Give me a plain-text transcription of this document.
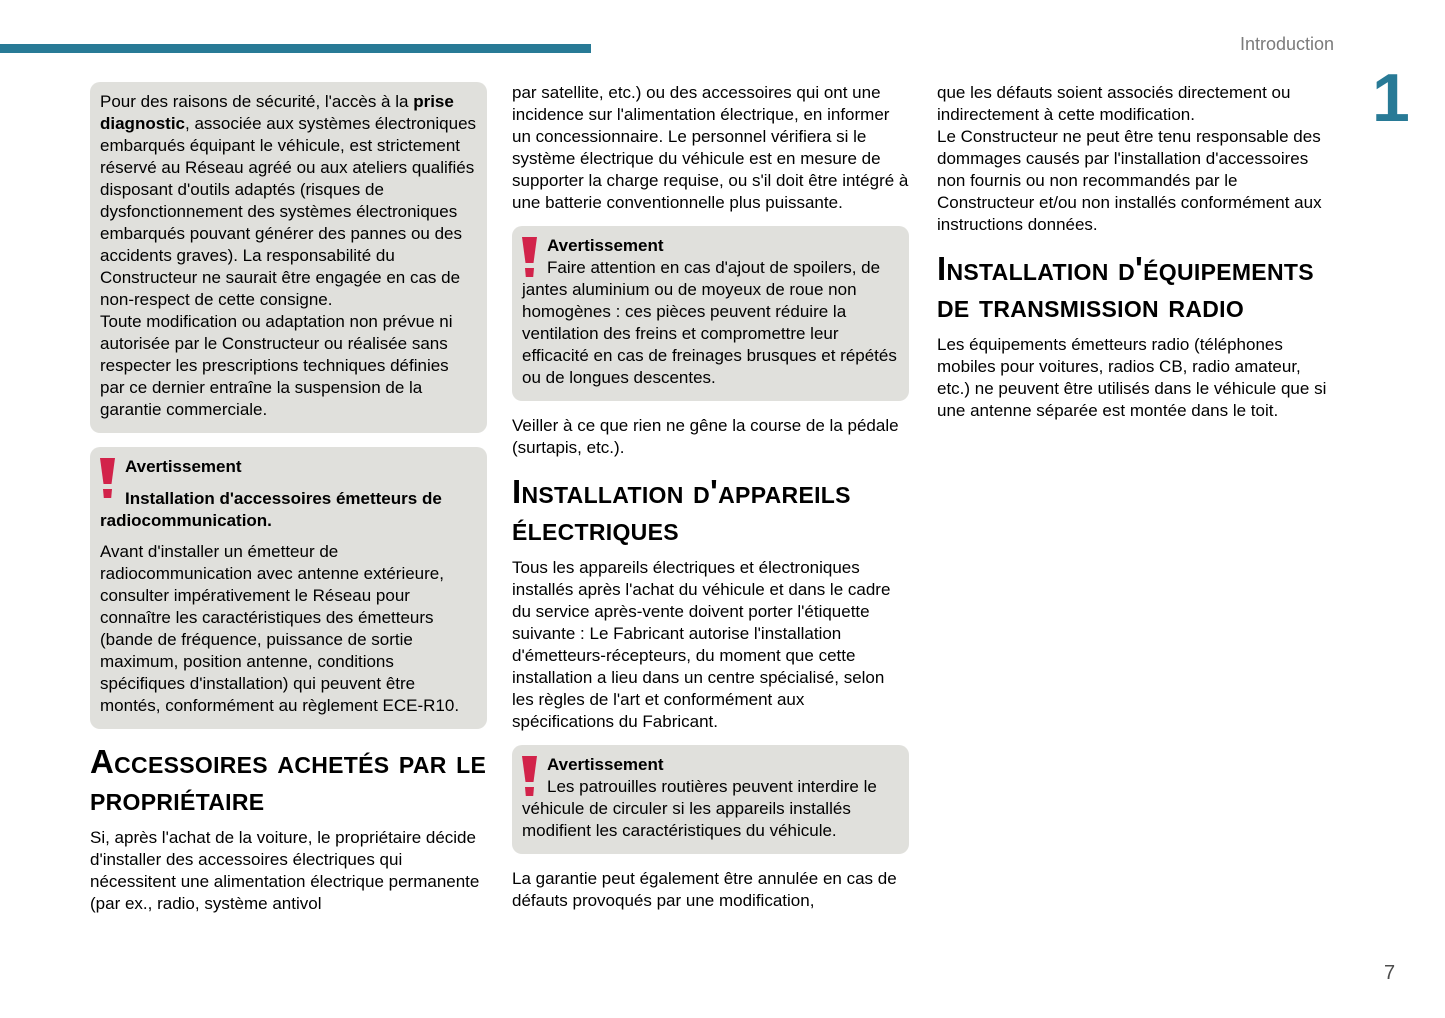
Introduction
1
Pour des raisons de sécurité, l'accès à la prise diagnostic, associée aux systèmes électroniques embarqués équipant le véhicule, est strictement réservé au Réseau agréé ou aux ateliers qualifiés disposant d'outils adaptés (risques de dysfonctionnement des systèmes électroniques embarqués pouvant générer des pannes ou des accidents graves). La responsabilité du Constructeur ne saurait être engagée en cas de non-respect de cette consigne.
Toute modification ou adaptation non prévue ni autorisée par le Constructeur ou réalisée sans respecter les prescriptions techniques définies par ce dernier entraîne la suspension de la garantie commerciale.
Avertissement
Installation d'accessoires émetteurs de radiocommunication.
Avant d'installer un émetteur de radiocommunication avec antenne extérieure, consulter impérativement le Réseau pour connaître les caractéristiques des émetteurs (bande de fréquence, puissance de sortie maximum, position antenne, conditions spécifiques d'installation) qui peuvent être montés, conformément au règlement ECE-R10.
Accessoires achetés par le propriétaire
Si, après l'achat de la voiture, le propriétaire décide d'installer des accessoires électriques qui nécessitent une alimentation électrique permanente (par ex., radio, système antivol
par satellite, etc.) ou des accessoires qui ont une incidence sur l'alimentation électrique, en informer un concessionnaire. Le personnel vérifiera si le système électrique du véhicule est en mesure de supporter la charge requise, ou s'il doit être intégré à une batterie conventionnelle plus puissante.
Avertissement
Faire attention en cas d'ajout de spoilers, de jantes aluminium ou de moyeux de roue non homogènes : ces pièces peuvent réduire la ventilation des freins et compromettre leur efficacité en cas de freinages brusques et répétés ou de longues descentes.
Veiller à ce que rien ne gêne la course de la pédale (surtapis, etc.).
Installation d'appareils électriques
Tous les appareils électriques et électroniques installés après l'achat du véhicule et dans le cadre du service après-vente doivent porter l'étiquette suivante : Le Fabricant autorise l'installation d'émetteurs-récepteurs, du moment que cette installation a lieu dans un centre spécialisé, selon les règles de l'art et conformément aux spécifications du Fabricant.
Avertissement
Les patrouilles routières peuvent interdire le véhicule de circuler si les appareils installés modifient les caractéristiques du véhicule.
La garantie peut également être annulée en cas de défauts provoqués par une modification,
que les défauts soient associés directement ou indirectement à cette modification.
Le Constructeur ne peut être tenu responsable des dommages causés par l'installation d'accessoires non fournis ou non recommandés par le Constructeur et/ou non installés conformément aux instructions données.
Installation d'équipements de transmission radio
Les équipements émetteurs radio (téléphones mobiles pour voitures, radios CB, radio amateur, etc.) ne peuvent être utilisés dans le véhicule que si une antenne séparée est montée dans le toit.
7
